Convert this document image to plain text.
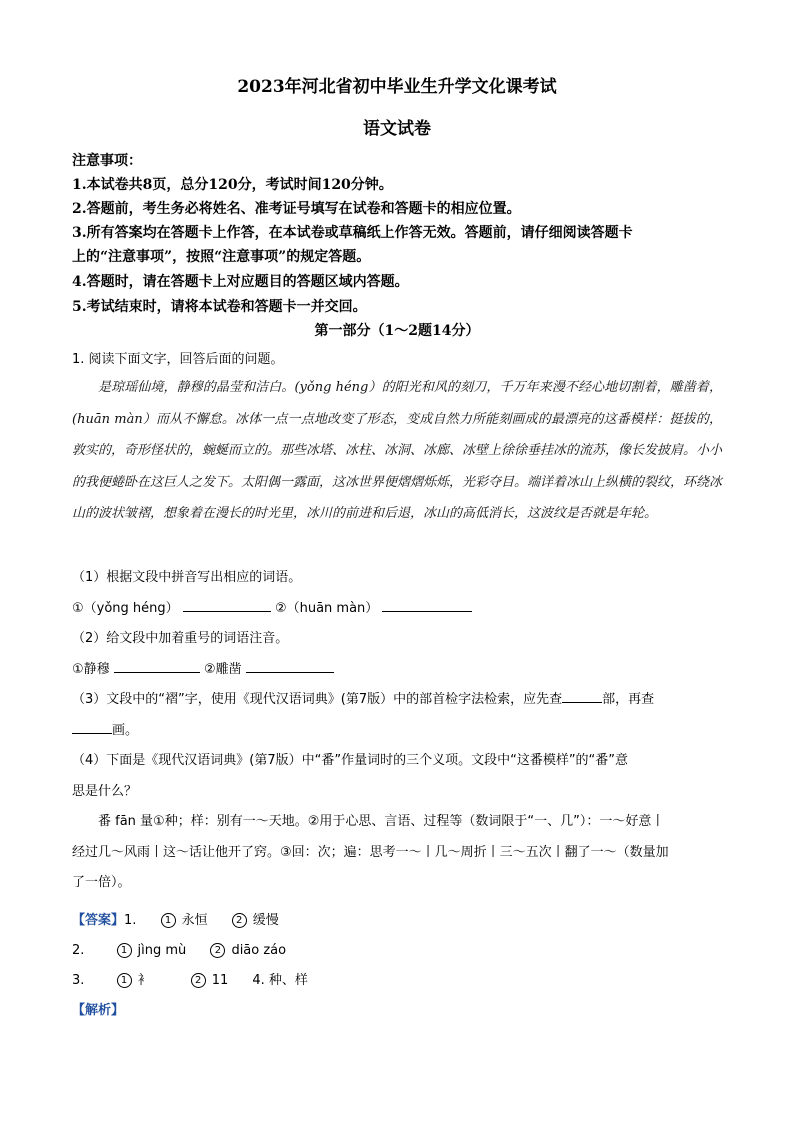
2023年河北省初中毕业生升学文化课考试
语文试卷
注意事项：
1.本试卷共8页，总分120分，考试时间120分钟。
2.答题前，考生务必将姓名、准考证号填写在试卷和答题卡的相应位置。
3.所有答案均在答题卡上作答，在本试卷或草稿纸上作答无效。答题前，请仔细阅读答题卡
上的“注意事项”，按照“注意事项”的规定答题。
4.答题时，请在答题卡上对应题目的答题区域内答题。
5.考试结束时，请将本试卷和答题卡一并交回。
第一部分（1～2题14分）
1. 阅读下面文字，回答后面的问题。
是琼瑶仙境，静穆的晶莹和洁白。(yǒng héng）的阳光和风的刻刀，千万年来漫不经心地切割着，雕凿着，(huān màn）而从不懈怠。冰体一点一点地改变了形态，变成自然力所能刻画成的最漂亮的这番模样：挺拔的，敦实的，奇形怪状的，蜿蜒而立的。那些冰塔、冰柱、冰洞、冰廊、冰壁上徐徐垂挂冰的流苏，像长发披肩。小小的我便蜷卧在这巨人之发下。太阳偶一露面，这冰世界便熠熠烁烁，光彩夺目。端详着冰山上纵横的裂纹，环绕冰山的波状皱褶，想象着在漫长的时光里，冰川的前进和后退，冰山的高低消长，这波纹是否就是年轮。
（1）根据文段中拼音写出相应的词语。
①（yǒng héng）	②（huān màn）
（2）给文段中加着重号的词语注音。
①静穆	②雕凿
（3）文段中的“褶”字，使用《现代汉语词典》(第7版）中的部首检字法检索，应先查	部，再查
画。
（4）下面是《现代汉语词典》(第7版）中“番”作量词时的三个义项。文段中“这番模样”的“番”意
思是什么？
番 fān 量①种；样：别有一～天地。②用于心思、言语、过程等（数词限于“一、几”）：一～好意丨
经过几～风雨丨这～话让他开了窍。③回：次；遍：思考一～丨几～周折丨三～五次丨翻了一～（数量加
了一倍）。
【答案】1.	1 永恒	2 缓慢
2.	1 jìng mù	2 diāo záo
3.	1 衤	2 11 4. 种、样
【解析】
